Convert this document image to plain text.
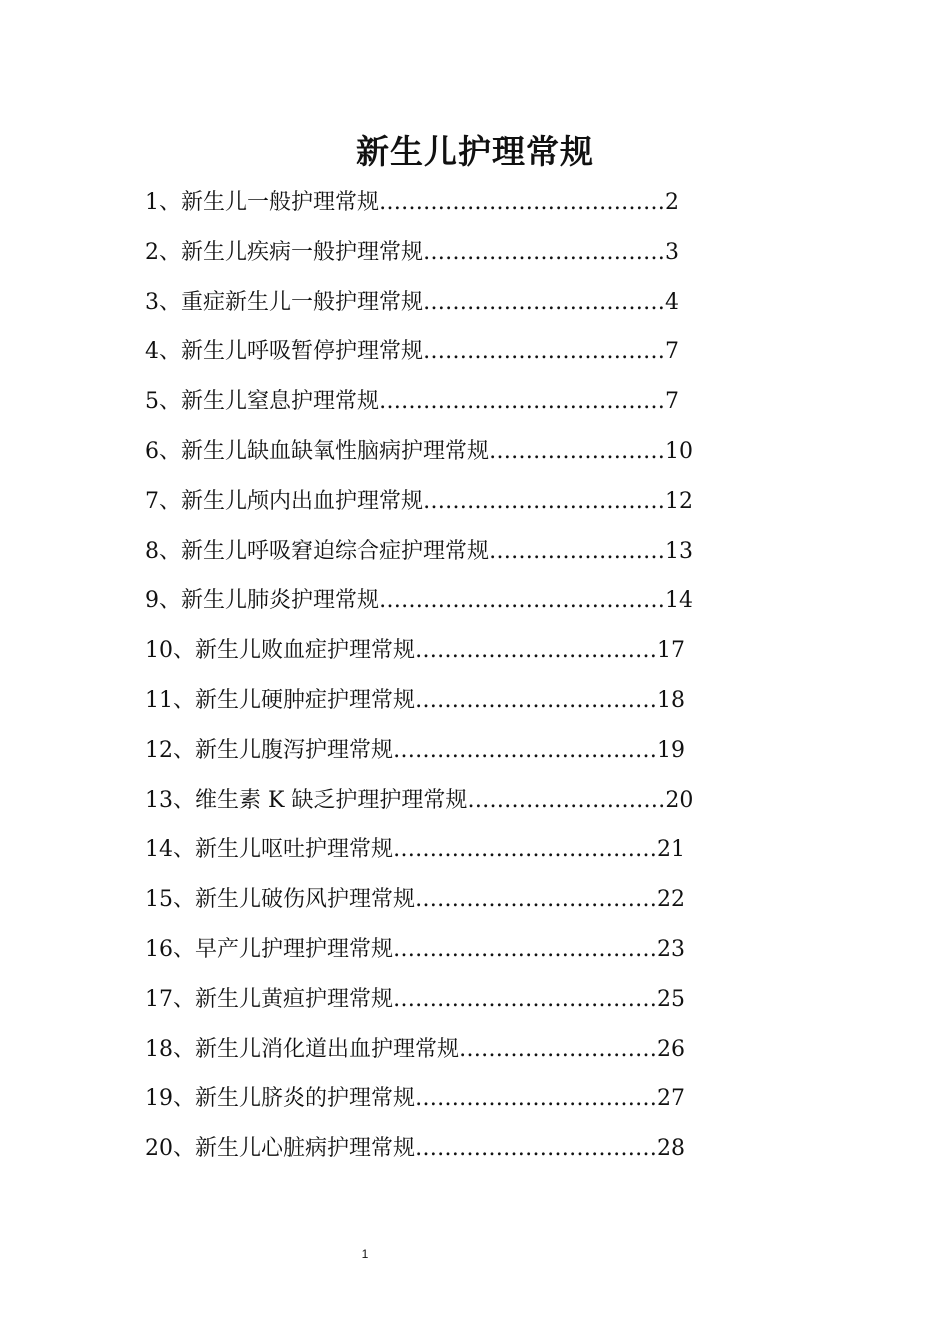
新生儿护理常规
1、新生儿一般护理常规…………………………………2
2、新生儿疾病一般护理常规……………………………3
3、重症新生儿一般护理常规……………………………4
4、新生儿呼吸暂停护理常规……………………………7
5、新生儿窒息护理常规…………………………………7
6、新生儿缺血缺氧性脑病护理常规……………………10
7、新生儿颅内出血护理常规……………………………12
8、新生儿呼吸窘迫综合症护理常规……………………13
9、新生儿肺炎护理常规…………………………………14
10、新生儿败血症护理常规……………………………17
11、新生儿硬肿症护理常规……………………………18
12、新生儿腹泻护理常规………………………………19
13、维生素 K 缺乏护理护理常规………………………20
14、新生儿呕吐护理常规………………………………21
15、新生儿破伤风护理常规……………………………22
16、早产儿护理护理常规………………………………23
17、新生儿黄疸护理常规………………………………25
18、新生儿消化道出血护理常规………………………26
19、新生儿脐炎的护理常规……………………………27
20、新生儿心脏病护理常规……………………………28
1
